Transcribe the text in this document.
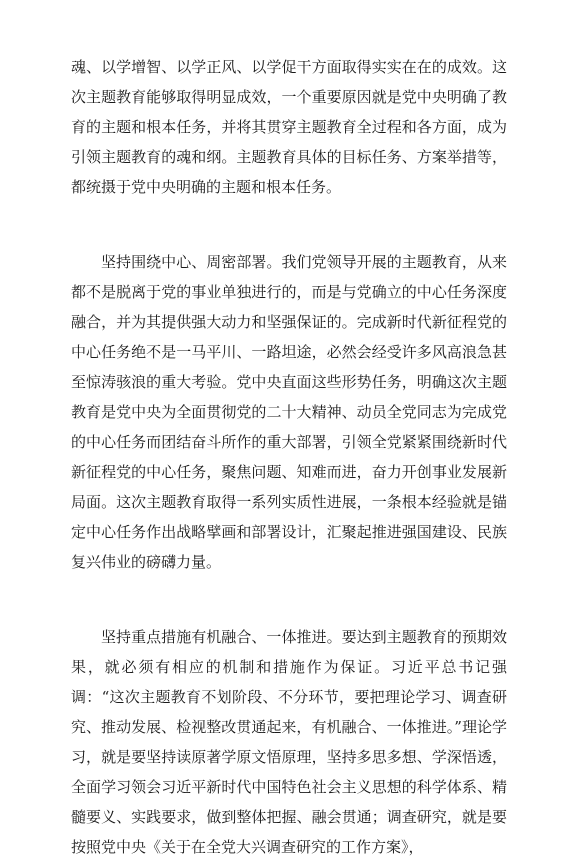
魂、以学增智、以学正风、以学促干方面取得实实在在的成效。这次主题教育能够取得明显成效，一个重要原因就是党中央明确了教育的主题和根本任务，并将其贯穿主题教育全过程和各方面，成为引领主题教育的魂和纲。主题教育具体的目标任务、方案举措等，都统摄于党中央明确的主题和根本任务。

坚持围绕中心、周密部署。我们党领导开展的主题教育，从来都不是脱离于党的事业单独进行的，而是与党确立的中心任务深度融合，并为其提供强大动力和坚强保证的。完成新时代新征程党的中心任务绝不是一马平川、一路坦途，必然会经受许多风高浪急甚至惊涛骇浪的重大考验。党中央直面这些形势任务，明确这次主题教育是党中央为全面贯彻党的二十大精神、动员全党同志为完成党的中心任务而团结奋斗所作的重大部署，引领全党紧紧围绕新时代新征程党的中心任务，聚焦问题、知难而进，奋力开创事业发展新局面。这次主题教育取得一系列实质性进展，一条根本经验就是锚定中心任务作出战略擘画和部署设计，汇聚起推进强国建设、民族复兴伟业的磅礴力量。

坚持重点措施有机融合、一体推进。要达到主题教育的预期效果，就必须有相应的机制和措施作为保证。习近平总书记强调：“这次主题教育不划阶段、不分环节，要把理论学习、调查研究、推动发展、检视整改贯通起来，有机融合、一体推进。”理论学习，就是要坚持读原著学原文悟原理，坚持多思多想、学深悟透，全面学习领会习近平新时代中国特色社会主义思想的科学体系、精髓要义、实践要求，做到整体把握、融会贯通；调查研究，就是要按照党中央《关于在全党大兴调查研究的工作方案》，
